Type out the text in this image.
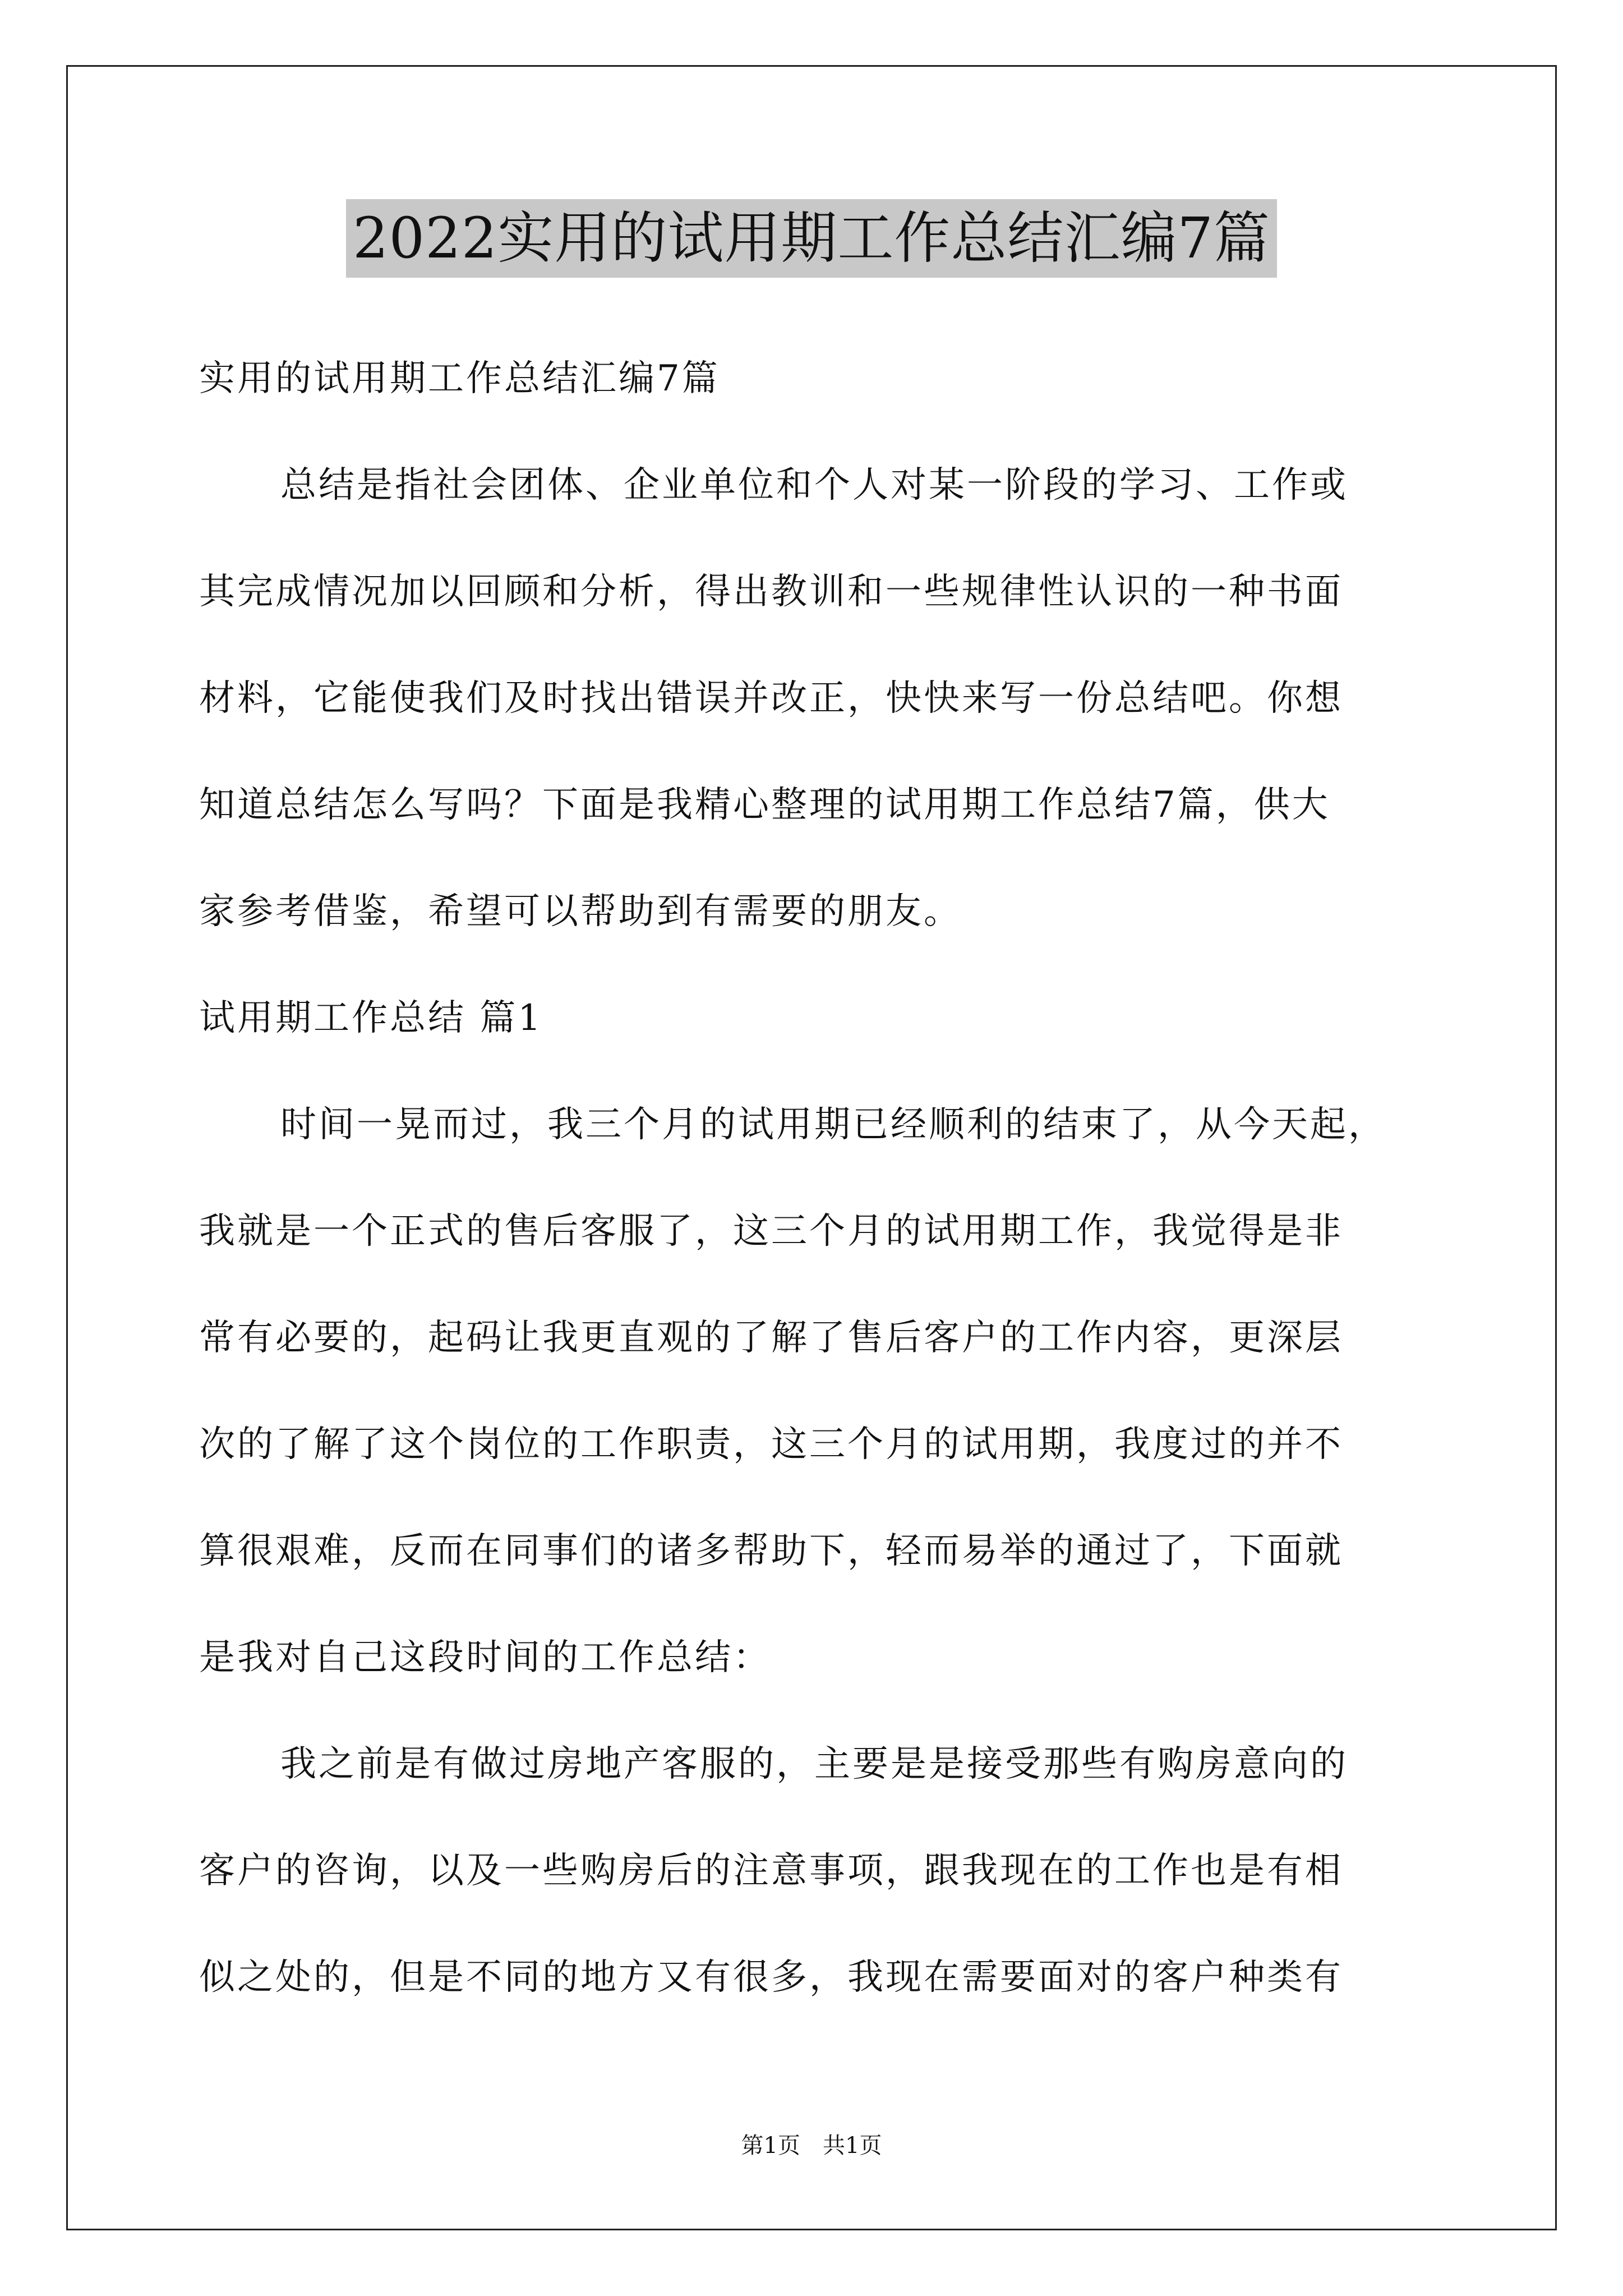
2022实用的试用期工作总结汇编7篇
实用的试用期工作总结汇编7篇
总结是指社会团体、企业单位和个人对某一阶段的学习、工作或
其完成情况加以回顾和分析，得出教训和一些规律性认识的一种书面
材料，它能使我们及时找出错误并改正，快快来写一份总结吧。你想
知道总结怎么写吗？下面是我精心整理的试用期工作总结7篇，供大
家参考借鉴，希望可以帮助到有需要的朋友。
试用期工作总结 篇1
时间一晃而过，我三个月的试用期已经顺利的结束了，从今天起，
我就是一个正式的售后客服了，这三个月的试用期工作，我觉得是非
常有必要的，起码让我更直观的了解了售后客户的工作内容，更深层
次的了解了这个岗位的工作职责，这三个月的试用期，我度过的并不
算很艰难，反而在同事们的诸多帮助下，轻而易举的通过了，下面就
是我对自己这段时间的工作总结：
我之前是有做过房地产客服的，主要是是接受那些有购房意向的
客户的咨询，以及一些购房后的注意事项，跟我现在的工作也是有相
似之处的，但是不同的地方又有很多，我现在需要面对的客户种类有
第1页　共1页
